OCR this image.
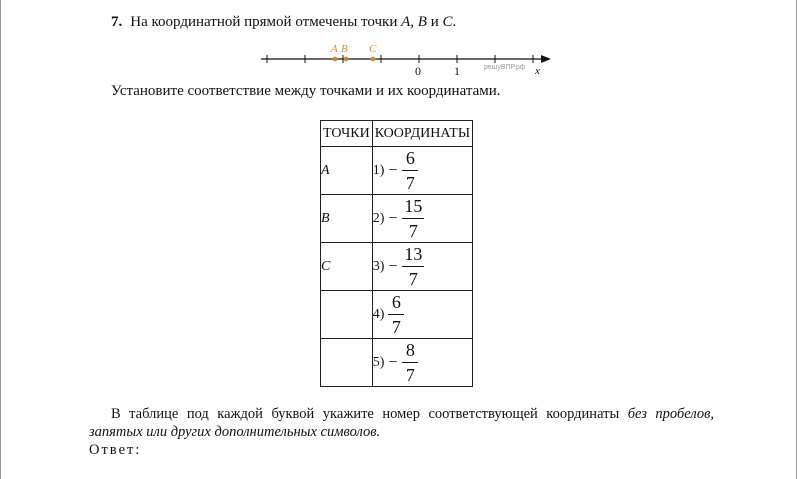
7. На координатной прямой отмечены точки A, B и C.
A B C
0	1	x
решуВПР.рф
Установите соответствие между точками и их координатами.
ТОЧКИ	КООРДИНАТЫ
A	$1) - \frac{6}{7}$

B	$2) - \frac{15}{7}$

C	$3) - \frac{13}{7}$

	$4) \frac{6}{7}$

	$5) - \frac{8}{7}$

В таблице под каждой буквой укажите номер соответствующей координаты без пробелов, запятых или других дополнительных символов.

Ответ:
